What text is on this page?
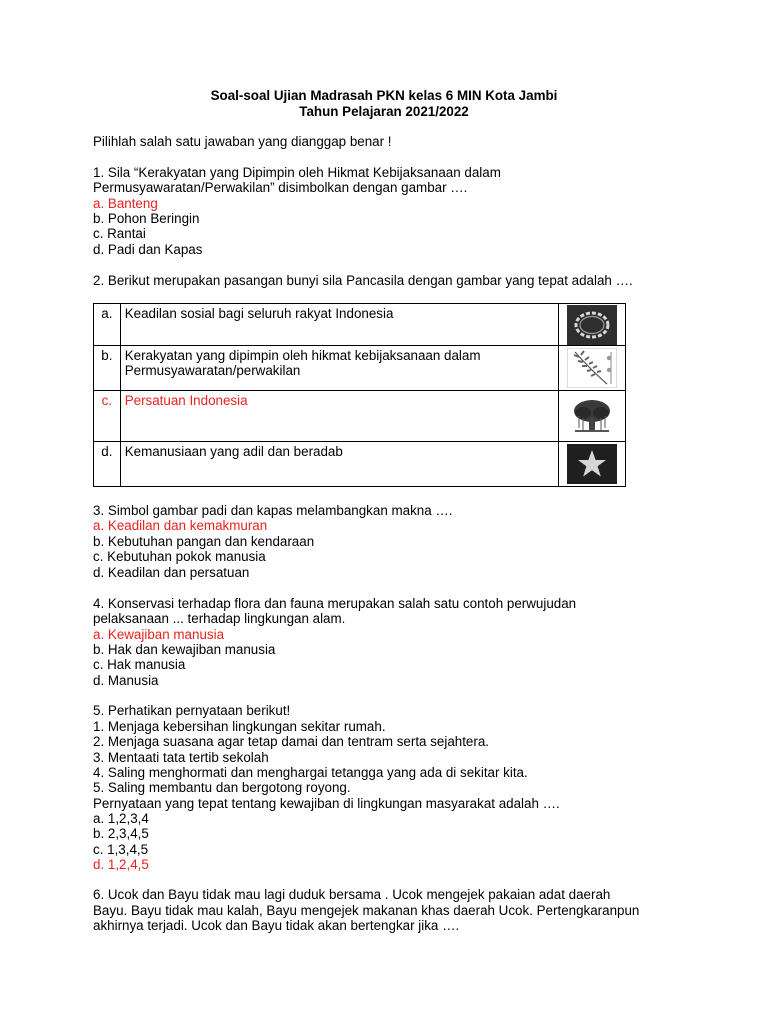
Soal-soal Ujian Madrasah PKN kelas 6 MIN Kota Jambi
Tahun Pelajaran 2021/2022
Pilihlah salah satu jawaban yang dianggap benar !
1. Sila “Kerakyatan yang Dipimpin oleh Hikmat Kebijaksanaan dalam
Permusyawaratan/Perwakilan” disimbolkan dengan gambar ….
a. Banteng
b. Pohon Beringin
c. Rantai
d. Padi dan Kapas
2. Berikut merupakan pasangan bunyi sila Pancasila dengan gambar yang tepat adalah ….
a.	Keadilan sosial bagi seluruh rakyat Indonesia

b.	Kerakyatan yang dipimpin oleh hikmat kebijaksanaan dalam
Permusyawaratan/perwakilan

c.	Persatuan Indonesia

d.	Kemanusiaan yang adil dan beradab

3. Simbol gambar padi dan kapas melambangkan makna ….
a. Keadilan dan kemakmuran
b. Kebutuhan pangan dan kendaraan
c. Kebutuhan pokok manusia
d. Keadilan dan persatuan
4. Konservasi terhadap flora dan fauna merupakan salah satu contoh perwujudan
pelaksanaan ... terhadap lingkungan alam.
a. Kewajiban manusia
b. Hak dan kewajiban manusia
c. Hak manusia
d. Manusia
5. Perhatikan pernyataan berikut!
1. Menjaga kebersihan lingkungan sekitar rumah.
2. Menjaga suasana agar tetap damai dan tentram serta sejahtera.
3. Mentaati tata tertib sekolah
4. Saling menghormati dan menghargai tetangga yang ada di sekitar kita.
5. Saling membantu dan bergotong royong.
Pernyataan yang tepat tentang kewajiban di lingkungan masyarakat adalah ….
a. 1,2,3,4
b. 2,3,4,5
c. 1,3,4,5
d. 1,2,4,5
6. Ucok dan Bayu tidak mau lagi duduk bersama . Ucok mengejek pakaian adat daerah
Bayu. Bayu tidak mau kalah, Bayu mengejek makanan khas daerah Ucok. Pertengkaranpun
akhirnya terjadi. Ucok dan Bayu tidak akan bertengkar jika ….
